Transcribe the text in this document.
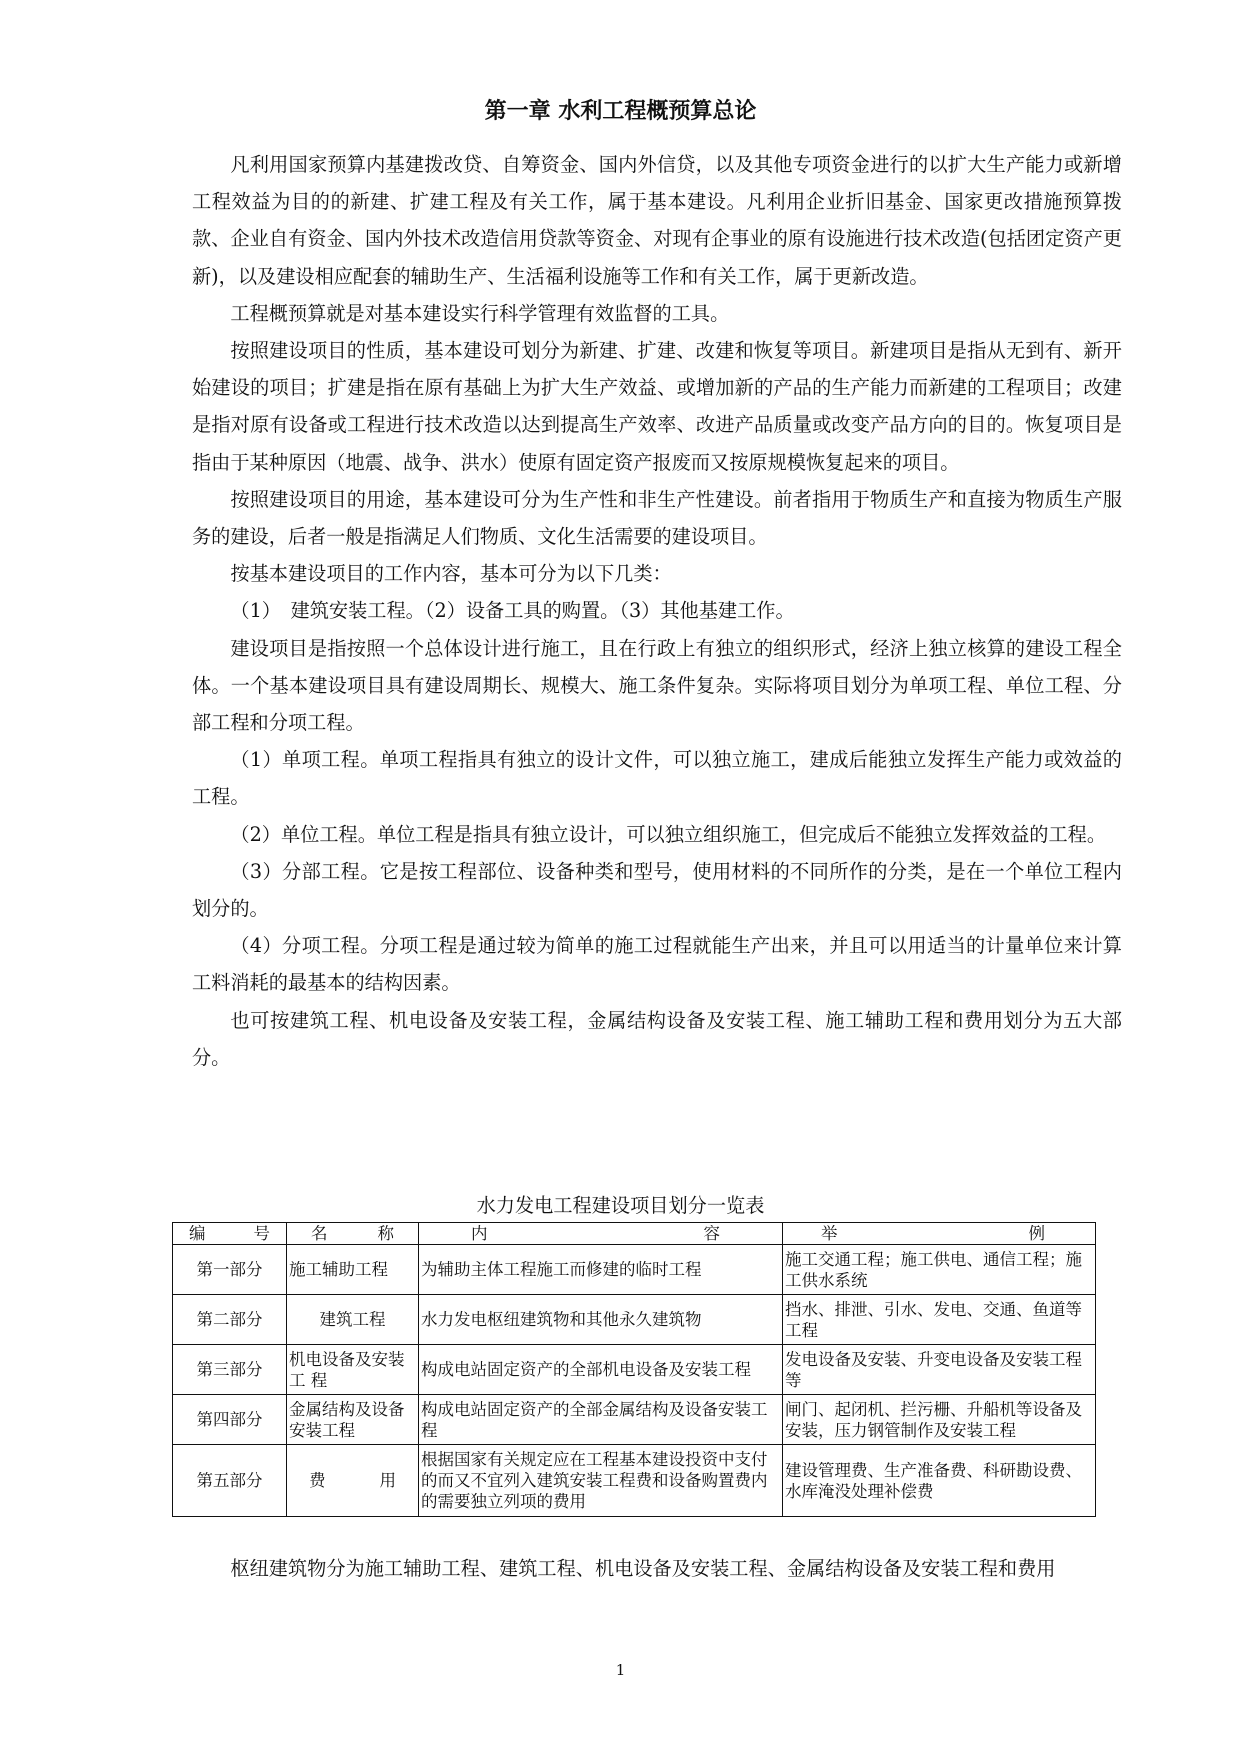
第一章 水利工程概预算总论

凡利用国家预算内基建拨改贷、自筹资金、国内外信贷，以及其他专项资金进行的以扩大生产能力或新增工程效益为目的的新建、扩建工程及有关工作，属于基本建设。凡利用企业折旧基金、国家更改措施预算拨款、企业自有资金、国内外技术改造信用贷款等资金、对现有企事业的原有设施进行技术改造(包括团定资产更新)，以及建设相应配套的辅助生产、生活福利设施等工作和有关工作，属于更新改造。

工程概预算就是对基本建设实行科学管理有效监督的工具。

按照建设项目的性质，基本建设可划分为新建、扩建、改建和恢复等项目。新建项目是指从无到有、新开始建设的项目；扩建是指在原有基础上为扩大生产效益、或增加新的产品的生产能力而新建的工程项目；改建是指对原有设备或工程进行技术改造以达到提高生产效率、改进产品质量或改变产品方向的目的。恢复项目是指由于某种原因（地震、战争、洪水）使原有固定资产报废而又按原规模恢复起来的项目。

按照建设项目的用途，基本建设可分为生产性和非生产性建设。前者指用于物质生产和直接为物质生产服务的建设，后者一般是指满足人们物质、文化生活需要的建设项目。

按基本建设项目的工作内容，基本可分为以下几类：

（1）　建筑安装工程。（2）设备工具的购置。（3）其他基建工作。

建设项目是指按照一个总体设计进行施工，且在行政上有独立的组织形式，经济上独立核算的建设工程全体。一个基本建设项目具有建设周期长、规模大、施工条件复杂。实际将项目划分为单项工程、单位工程、分部工程和分项工程。

（1）单项工程。单项工程指具有独立的设计文件，可以独立施工，建成后能独立发挥生产能力或效益的工程。

（2）单位工程。单位工程是指具有独立设计，可以独立组织施工，但完成后不能独立发挥效益的工程。

（3）分部工程。它是按工程部位、设备种类和型号，使用材料的不同所作的分类，是在一个单位工程内划分的。

（4）分项工程。分项工程是通过较为简单的施工过程就能生产出来，并且可以用适当的计量单位来计算工料消耗的最基本的结构因素。

也可按建筑工程、机电设备及安装工程，金属结构设备及安装工程、施工辅助工程和费用划分为五大部分。

水力发电工程建设项目划分一览表
编 号	名 称	内 容	举 例

第一部分	施工辅助工程	为辅助主体工程施工而修建的临时工程	施工交通工程；施工供电、通信工程；施工供水系统
第二部分	建筑工程	水力发电枢纽建筑物和其他永久建筑物	挡水、排泄、引水、发电、交通、鱼道等工程
第三部分	机电设备及安装工 程	构成电站固定资产的全部机电设备及安装工程	发电设备及安装、升变电设备及安装工程等
第四部分	金属结构及设备安装工程	构成电站固定资产的全部金属结构及设备安装工程	闸门、起闭机、拦污栅、升船机等设备及安装，压力钢管制作及安装工程
第五部分	费 用	根据国家有关规定应在工程基本建设投资中支付的而又不宜列入建筑安装工程费和设备购置费内的需要独立列项的费用	建设管理费、生产准备费、科研勘设费、水库淹没处理补偿费

枢纽建筑物分为施工辅助工程、建筑工程、机电设备及安装工程、金属结构设备及安装工程和费用

1
